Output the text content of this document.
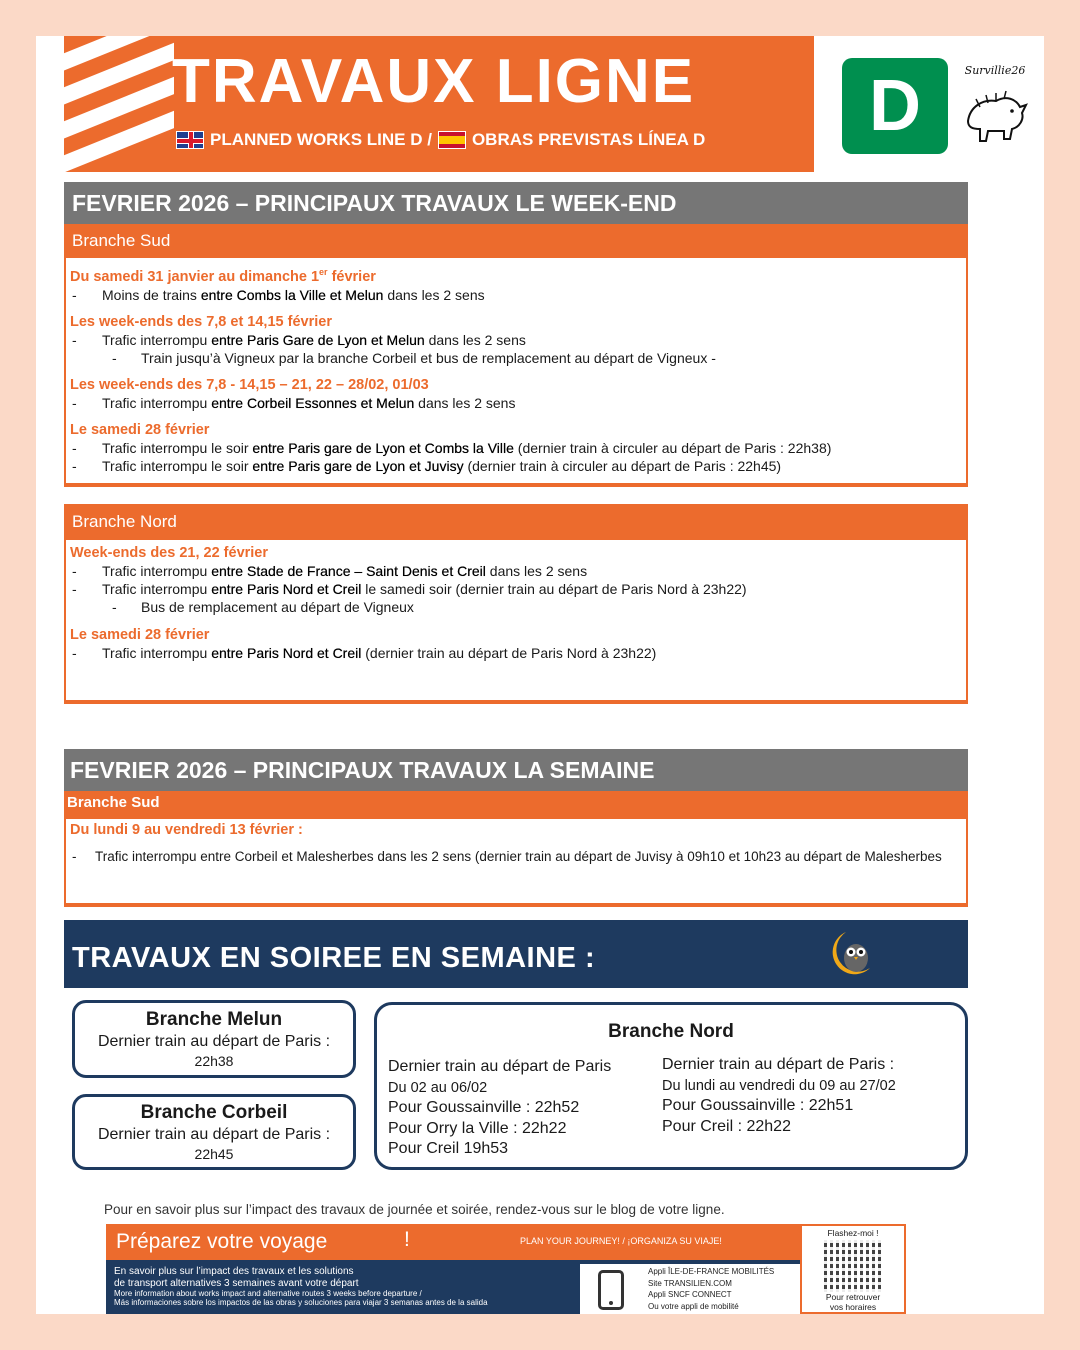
TRAVAUX LIGNE
PLANNED WORKS LINE D / OBRAS PREVISTAS LÍNEA D	D	Survillie26
FEVRIER 2026 – PRINCIPAUX TRAVAUX LE WEEK-END
Branche Sud
Du samedi 31 janvier au dimanche 1er février
- Moins de trains entre Combs la Ville et Melun dans les 2 sens
Les week-ends des 7,8 et 14,15 février
- Trafic interrompu entre Paris Gare de Lyon et Melun dans les 2 sens
- Train jusqu’à Vigneux par la branche Corbeil et bus de remplacement au départ de Vigneux -
Les week-ends des 7,8 - 14,15 – 21, 22 – 28/02, 01/03
- Trafic interrompu entre Corbeil Essonnes et Melun dans les 2 sens
Le samedi 28 février
- Trafic interrompu le soir entre Paris gare de Lyon et Combs la Ville (dernier train à circuler au départ de Paris : 22h38)
- Trafic interrompu le soir entre Paris gare de Lyon et Juvisy (dernier train à circuler au départ de Paris : 22h45)
Branche Nord
Week-ends des 21, 22 février
- Trafic interrompu entre Stade de France – Saint Denis et Creil dans les 2 sens
- Trafic interrompu entre Paris Nord et Creil le samedi soir (dernier train au départ de Paris Nord à 23h22)
- Bus de remplacement au départ de Vigneux
Le samedi 28 février
- Trafic interrompu entre Paris Nord et Creil (dernier train au départ de Paris Nord à 23h22)
FEVRIER 2026 – PRINCIPAUX TRAVAUX LA SEMAINE
Branche Sud
Du lundi 9 au vendredi 13 février :
- Trafic interrompu entre Corbeil et Malesherbes dans les 2 sens (dernier train au départ de Juvisy à 09h10 et 10h23 au départ de Malesherbes
TRAVAUX EN SOIREE EN SEMAINE :
Branche Melun
Dernier train au départ de Paris :
22h38
Branche Corbeil
Dernier train au départ de Paris :
22h45
Branche Nord
Dernier train au départ de Paris
Du 02 au 06/02
Pour Goussainville : 22h52
Pour Orry la Ville : 22h22
Pour Creil 19h53
Dernier train au départ de Paris :
Du lundi au vendredi du 09 au 27/02
Pour Goussainville : 22h51
Pour Creil : 22h22
Pour en savoir plus sur l’impact des travaux de journée et soirée, rendez-vous sur le blog de votre ligne.
Préparez votre voyage	!	PLAN YOUR JOURNEY! / ¡ORGANIZA SU VIAJE!
En savoir plus sur l’impact des travaux et les solutions
de transport alternatives 3 semaines avant votre départ
More information about works impact and alternative routes 3 weeks before departure /
Más informaciones sobre los impactos de las obras y soluciones para viajar 3 semanas antes de la salida
Appli ÎLE-DE-FRANCE MOBILITÉS
Site TRANSILIEN.COM
Appli SNCF CONNECT
Ou votre appli de mobilité
Flashez-moi !
Pour retrouver
vos horaires
